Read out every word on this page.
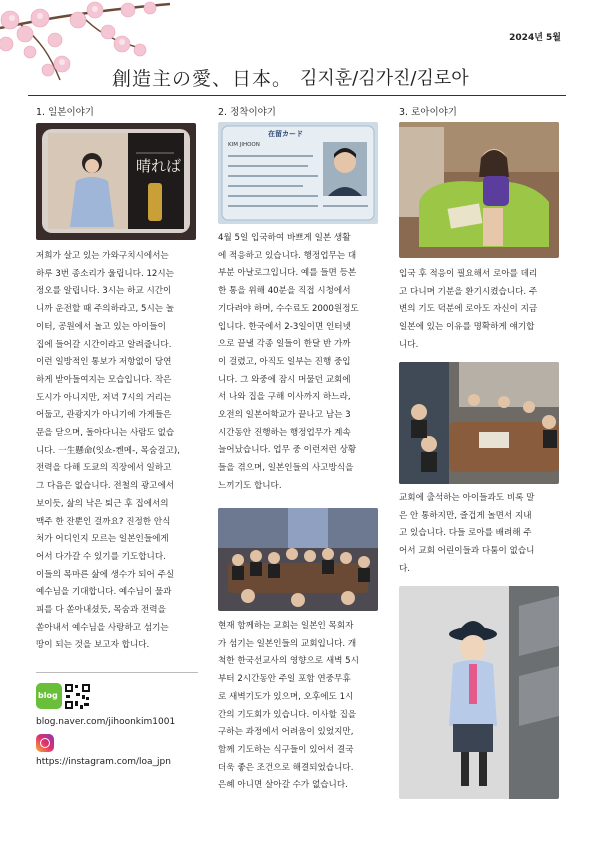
2024년 5월
創造主の愛、日本。 김지훈/김가진/김로아
1. 일본이야기
晴れば
저희가 살고 있는 가와구치시에서는
하루 3번 종소리가 울립니다. 12시는
정오를 알립니다. 3시는 하교 시간이
니까 운전할 때 주의하라고, 5시는 놀
이터, 공원에서 놀고 있는 아이들이
집에 들어갈 시간이라고 알려줍니다.
이런 일방적인 통보가 저항없이 당연
하게 받아들여지는 모습입니다. 작은
도시가 아니지만, 저녁 7시의 거리는
어둡고, 관광지가 아니기에 가게들은
문을 닫으며, 돌아다니는 사람도 없습
니다. 一生懸命(잇쇼-켄메-, 목숨걸고),
전력을 다해 도쿄의 직장에서 일하고
그 다음은 없습니다. 전철의 광고에서
보이듯, 삶의 낙은 퇴근 후 집에서의
맥주 한 잔뿐인 걸까요? 진정한 안식
처가 어디인지 모르는 일본인들에게
어서 다가갈 수 있기를 기도합니다.
이들의 목마른 삶에 생수가 되어 주실
예수님을 기대합니다. 예수님이 물과
피를 다 쏟아내셨듯, 목숨과 전력을
쏟아내서 예수님을 사랑하고 섬기는
땅이 되는 것을 보고자 합니다.
blog
blog.naver.com/jihoonkim1001
https://instagram.com/loa_jpn
2. 정착이야기
在留カード
KIM JIHOON
4월 5일 입국하여 바쁘게 일본 생활
에 적응하고 있습니다. 행정업무는 대
부분 아날로그입니다. 예를 들면 등본
한 통을 위해 40분을 직접 시청에서
기다려야 하며, 수수료도 2000원정도
입니다. 한국에서 2-3일이면 인터넷
으로 끝낼 각종 일들이 한달 반 가까
이 걸렸고, 아직도 일부는 진행 중입
니다. 그 와중에 잠시 머물던 교회에
서 나와 집을 구해 이사까지 하느라,
오전의 일본어학교가 끝나고 남는 3
시간동안 진행하는 행정업무가 계속
늘어났습니다. 업무 중 이런저런 상황
들을 겪으며, 일본인들의 사고방식을
느끼기도 합니다.
현재 함께하는 교회는 일본인 목회자
가 섬기는 일본인들의 교회입니다. 개
척한 한국선교사의 영향으로 새벽 5시
부터 2시간동안 주일 포함 연중무휴
로 새벽기도가 있으며, 오후에도 1시
간의 기도회가 있습니다. 이사할 집을
구하는 과정에서 어려움이 있었지만,
함께 기도하는 식구들이 있어서 결국
더욱 좋은 조건으로 해결되었습니다.
은혜 아니면 살아갈 수가 없습니다.
3. 로아이야기
입국 후 적응이 필요해서 로아를 데리
고 다니며 기분을 환기시켰습니다. 주
변의 기도 덕분에 로아도 자신이 지금
일본에 있는 이유를 명확하게 얘기합
니다.
교회에 출석하는 아이들과도 비록 말
은 안 통하지만, 즐겁게 놀면서 지내
고 있습니다. 다들 로아를 배려해 주
어서 교회 어린이들과 다툼이 없습니
다.
